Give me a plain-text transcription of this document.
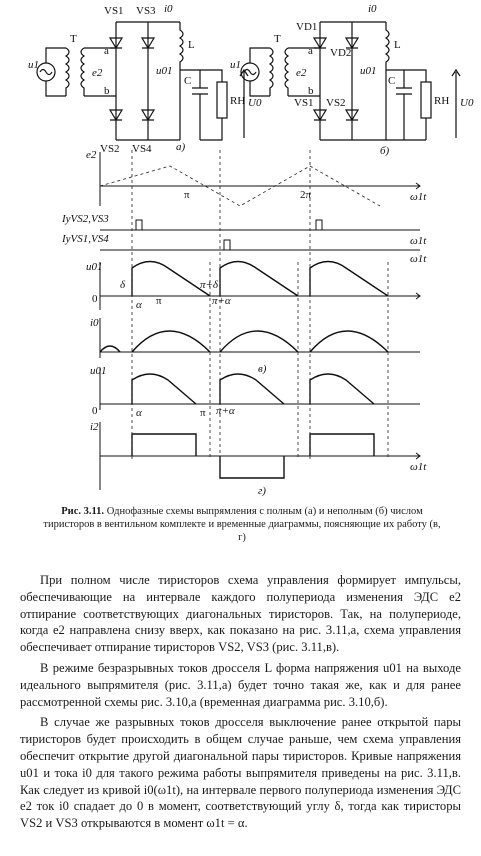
u1
T
e2
VS1 VS3
VS2 VS4
a
b
i0
L
u01
C
RH U0
а)
u1
T
e2
VD1
VD2
VS1 VS2
a
b
i0
L
u01
C
RH U0
б)
e2
π	2π	ω1t
IуVS2,VS3
IуVS1,VS4	ω1t
ω1t
u01
0
δ
α π
π+δ
π+α
i0
в)
u01
0	α	π π+α
i2
ω1t
г)
Рис. 3.11. Однофазные схемы выпрямления с полным (а) и неполным (б) числом тиристоров в вентильном комплекте и временные диаграммы, поясняющие их работу (в, г)

При полном числе тиристоров схема управления формирует импульсы, обеспечивающие на интервале каждого полупериода изменения ЭДС e2 отпирание соответствующих диагональных тиристоров. Так, на полупериоде, когда e2 направлена снизу вверх, как показано на рис. 3.11,а, схема управления обеспечивает отпирание тиристоров VS2, VS3 (рис. 3.11,в).

В режиме безразрывных токов дросселя L форма напряжения u01 на выходе идеального выпрямителя (рис. 3.11,а) будет точно такая же, как и для ранее рассмотренной схемы рис. 3.10,а (временная диаграмма рис. 3.10,б).

В случае же разрывных токов дросселя выключение ранее открытой пары тиристоров будет происходить в общем случае раньше, чем схема управления обеспечит открытие другой диагональной пары тиристоров. Кривые напряжения u01 и тока i0 для такого режима работы выпрямителя приведены на рис. 3.11,в. Как следует из кривой i0(ω1t), на интервале первого полупериода изменения ЭДС e2 ток i0 спадает до 0 в момент, соответствующий углу δ, тогда как тиристоры VS2 и VS3 открываются в момент ω1t = α.
